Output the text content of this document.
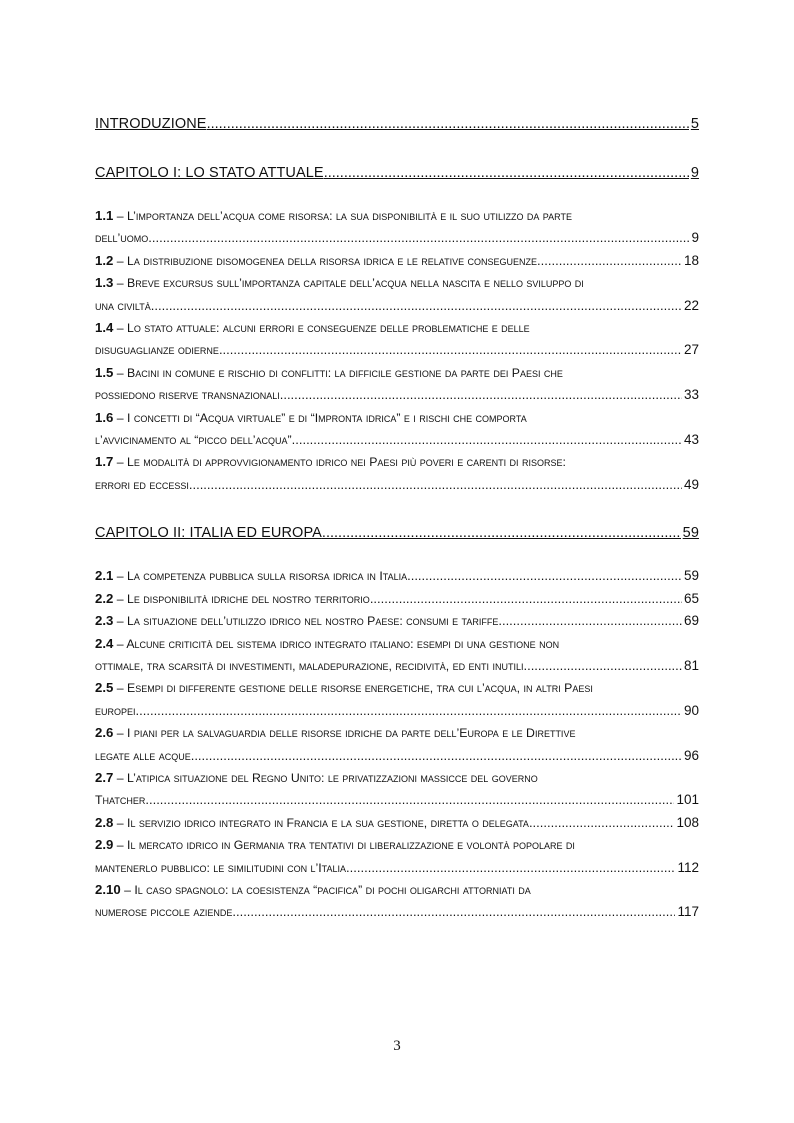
INTRODUZIONE .....	5
CAPITOLO I: LO STATO ATTUALE .....	9
1.1 – L’importanza dell’acqua come risorsa: la sua disponibilità e il suo utilizzo da parte
dell’uomo .....	9
1.2 – La distribuzione disomogenea della risorsa idrica e le relative conseguenze .....	18
1.3 – Breve excursus sull’importanza capitale dell’acqua nella nascita e nello sviluppo di
una civiltà .....	22
1.4 – Lo stato attuale: alcuni errori e conseguenze delle problematiche e delle
disuguaglianze odierne .....	27
1.5 – Bacini in comune e rischio di conflitti: la difficile gestione da parte dei Paesi che
possiedono riserve transnazionali .....	33
1.6 – I concetti di “Acqua virtuale” e di “Impronta idrica” e i rischi che comporta
l’avvicinamento al “picco dell’acqua” .....	43
1.7 – Le modalità di approvvigionamento idrico nei Paesi più poveri e carenti di risorse:
errori ed eccessi .....	49
CAPITOLO II: ITALIA ED EUROPA .....	59
2.1 – La competenza pubblica sulla risorsa idrica in Italia .....	59
2.2 – Le disponibilità idriche del nostro territorio .....	65
2.3 – La situazione dell’utilizzo idrico nel nostro Paese: consumi e tariffe .....	69
2.4 – Alcune criticità del sistema idrico integrato italiano: esempi di una gestione non
ottimale, tra scarsità di investimenti, maladepurazione, recidività, ed enti inutili .....	81
2.5 – Esempi di differente gestione delle risorse energetiche, tra cui l’acqua, in altri Paesi
europei .....	90
2.6 – I piani per la salvaguardia delle risorse idriche da parte dell’Europa e le Direttive
legate alle acque .....	96
2.7 – L’atipica situazione del Regno Unito: le privatizzazioni massicce del governo
Thatcher .....	101
2.8 – Il servizio idrico integrato in Francia e la sua gestione, diretta o delegata .....	108
2.9 – Il mercato idrico in Germania tra tentativi di liberalizzazione e volontà popolare di
mantenerlo pubblico: le similitudini con l’Italia .....	112
2.10 – Il caso spagnolo: la coesistenza “pacifica” di pochi oligarchi attorniati da
numerose piccole aziende .....	117
3
